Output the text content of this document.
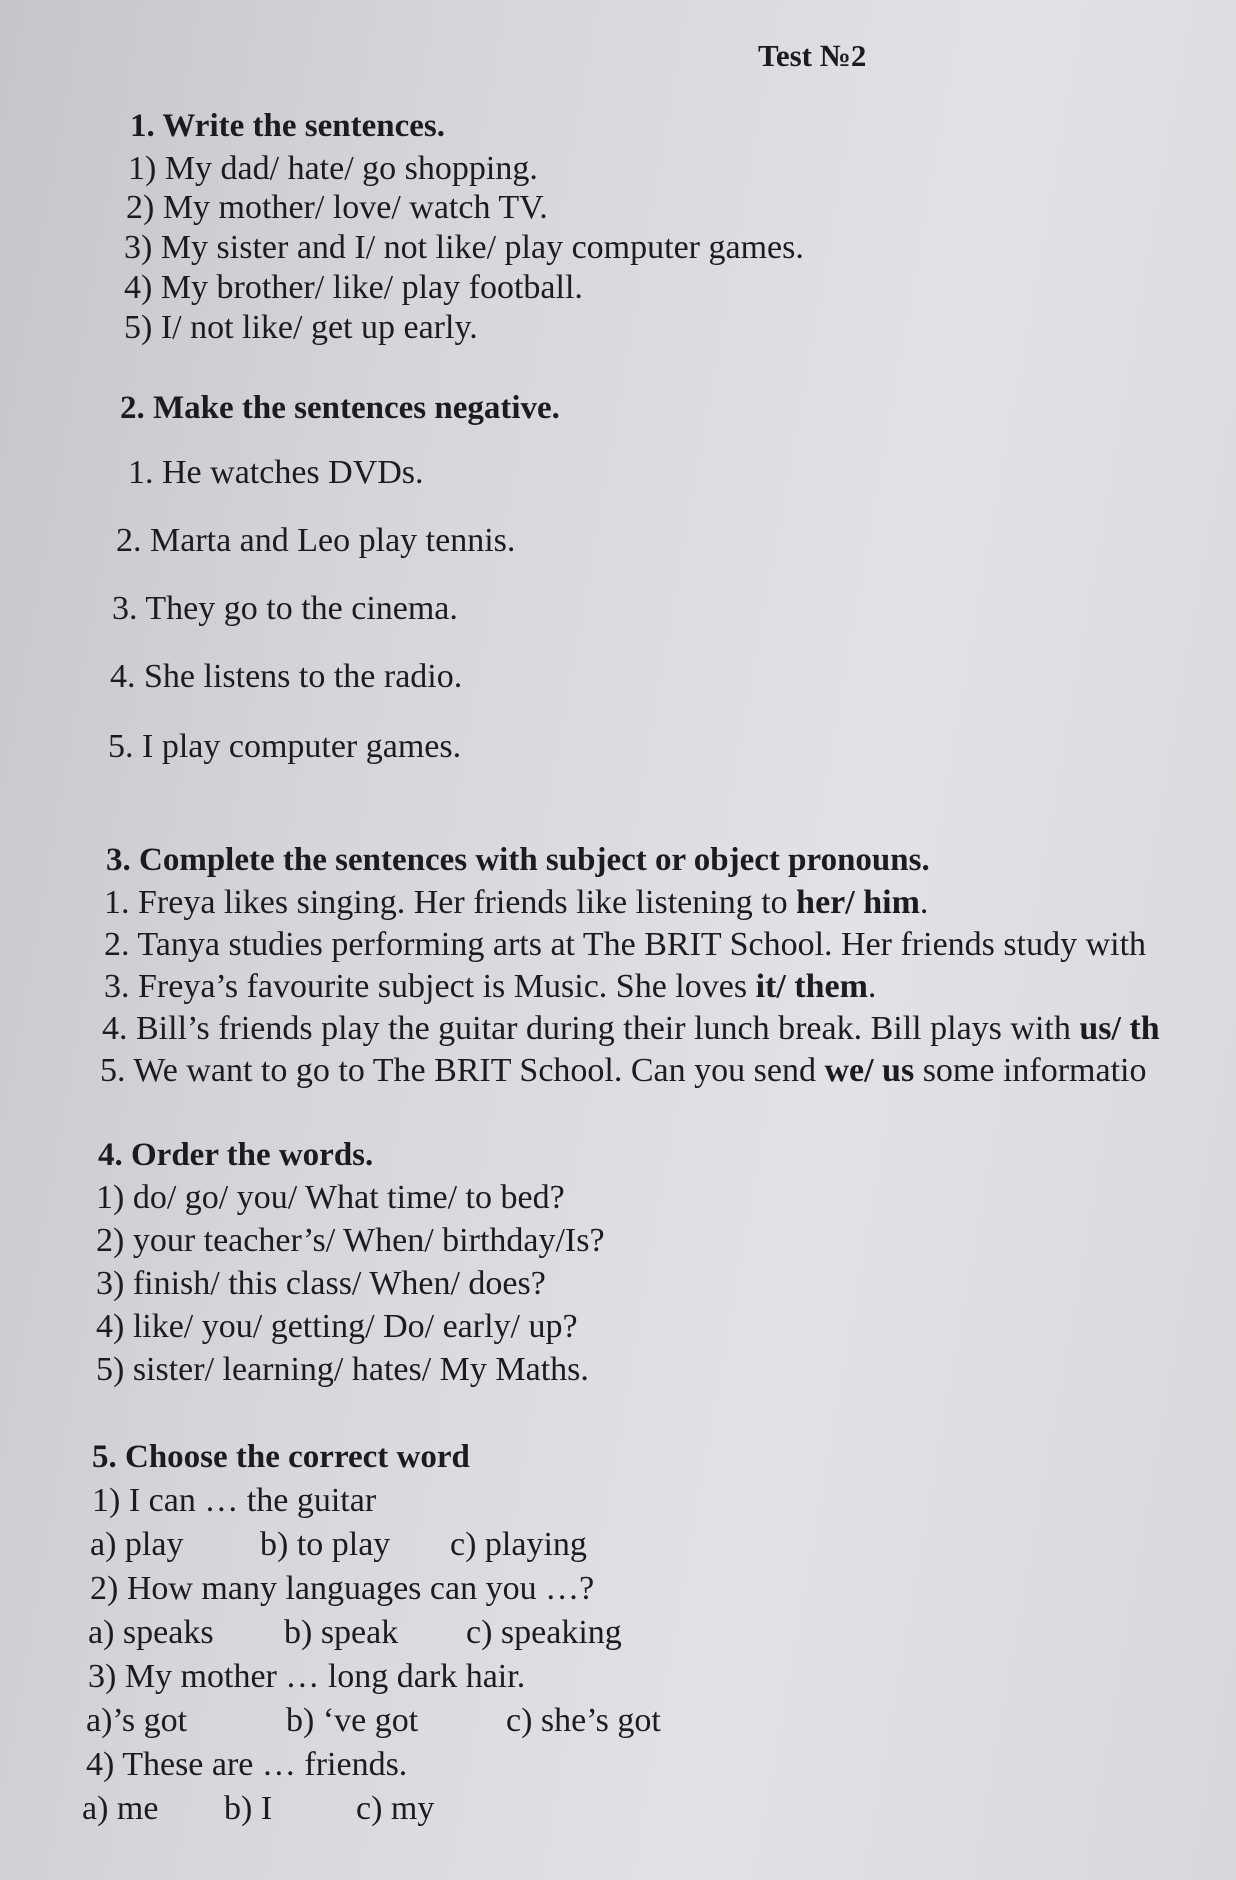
Test №2
1. Write the sentences.
1) My dad/ hate/ go shopping.
2) My mother/ love/ watch TV.
3) My sister and I/ not like/ play computer games.
4) My brother/ like/ play football.
5) I/ not like/ get up early.
2. Make the sentences negative.
1. He watches DVDs.
2. Marta and Leo play tennis.
3. They go to the cinema.
4. She listens to the radio.
5. I play computer games.
3. Complete the sentences with subject or object pronouns.
1. Freya likes singing. Her friends like listening to her/ him.
2. Tanya studies performing arts at The BRIT School. Her friends study with
3. Freya’s favourite subject is Music. She loves it/ them.
4. Bill’s friends play the guitar during their lunch break. Bill plays with us/ th
5. We want to go to The BRIT School. Can you send we/ us some informatio
4. Order the words.
1) do/ go/ you/ What time/ to bed?
2) your teacher’s/ When/ birthday/Is?
3) finish/ this class/ When/ does?
4) like/ you/ getting/ Do/ early/ up?
5) sister/ learning/ hates/ My Maths.
5. Choose the correct word
1) I can … the guitar
a) play b) to play c) playing
2) How many languages can you …?
a) speaks b) speak c) speaking
3) My mother … long dark hair.
a)’s got	b) ‘ve got	c) she’s got
4) These are … friends.
a) me b) I c) my
